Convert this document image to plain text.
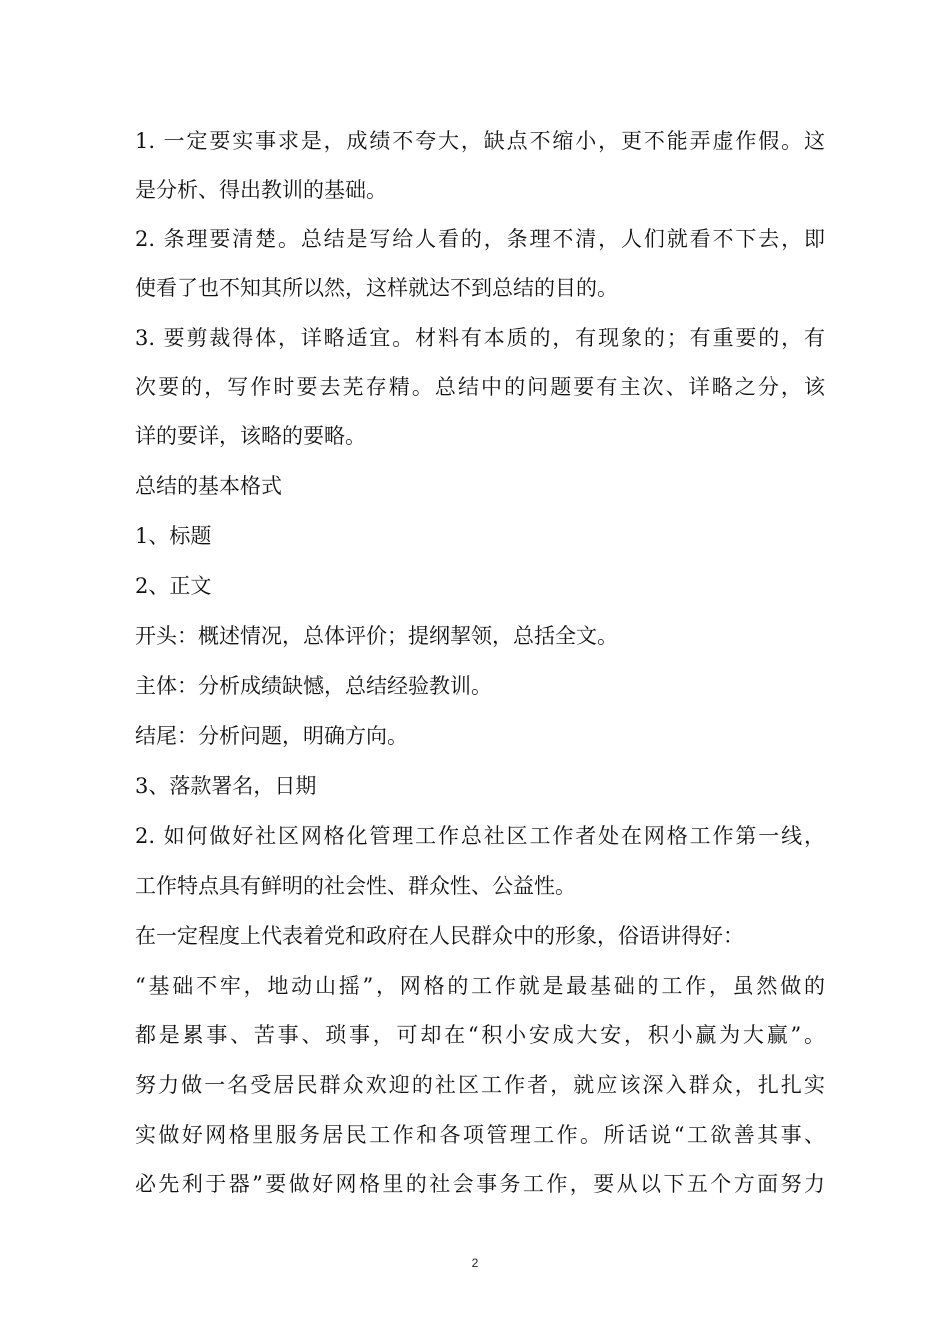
1. 一定要实事求是，成绩不夸大，缺点不缩小，更不能弄虚作假。这
是分析、得出教训的基础。
2. 条理要清楚。总结是写给人看的，条理不清，人们就看不下去，即
使看了也不知其所以然，这样就达不到总结的目的。
3. 要剪裁得体，详略适宜。材料有本质的，有现象的；有重要的，有
次要的，写作时要去芜存精。总结中的问题要有主次、详略之分，该
详的要详，该略的要略。
总结的基本格式
1、标题
2、正文
开头：概述情况，总体评价；提纲挈领，总括全文。
主体：分析成绩缺憾，总结经验教训。
结尾：分析问题，明确方向。
3、落款署名，日期
2. 如何做好社区网格化管理工作总社区工作者处在网格工作第一线，
工作特点具有鲜明的社会性、群众性、公益性。
在一定程度上代表着党和政府在人民群众中的形象，俗语讲得好：
“基础不牢，地动山摇”，网格的工作就是最基础的工作，虽然做的
都是累事、苦事、琐事，可却在“积小安成大安，积小赢为大赢”。
努力做一名受居民群众欢迎的社区工作者，就应该深入群众，扎扎实
实做好网格里服务居民工作和各项管理工作。所话说“工欲善其事、
必先利于器”要做好网格里的社会事务工作，要从以下五个方面努力
2
